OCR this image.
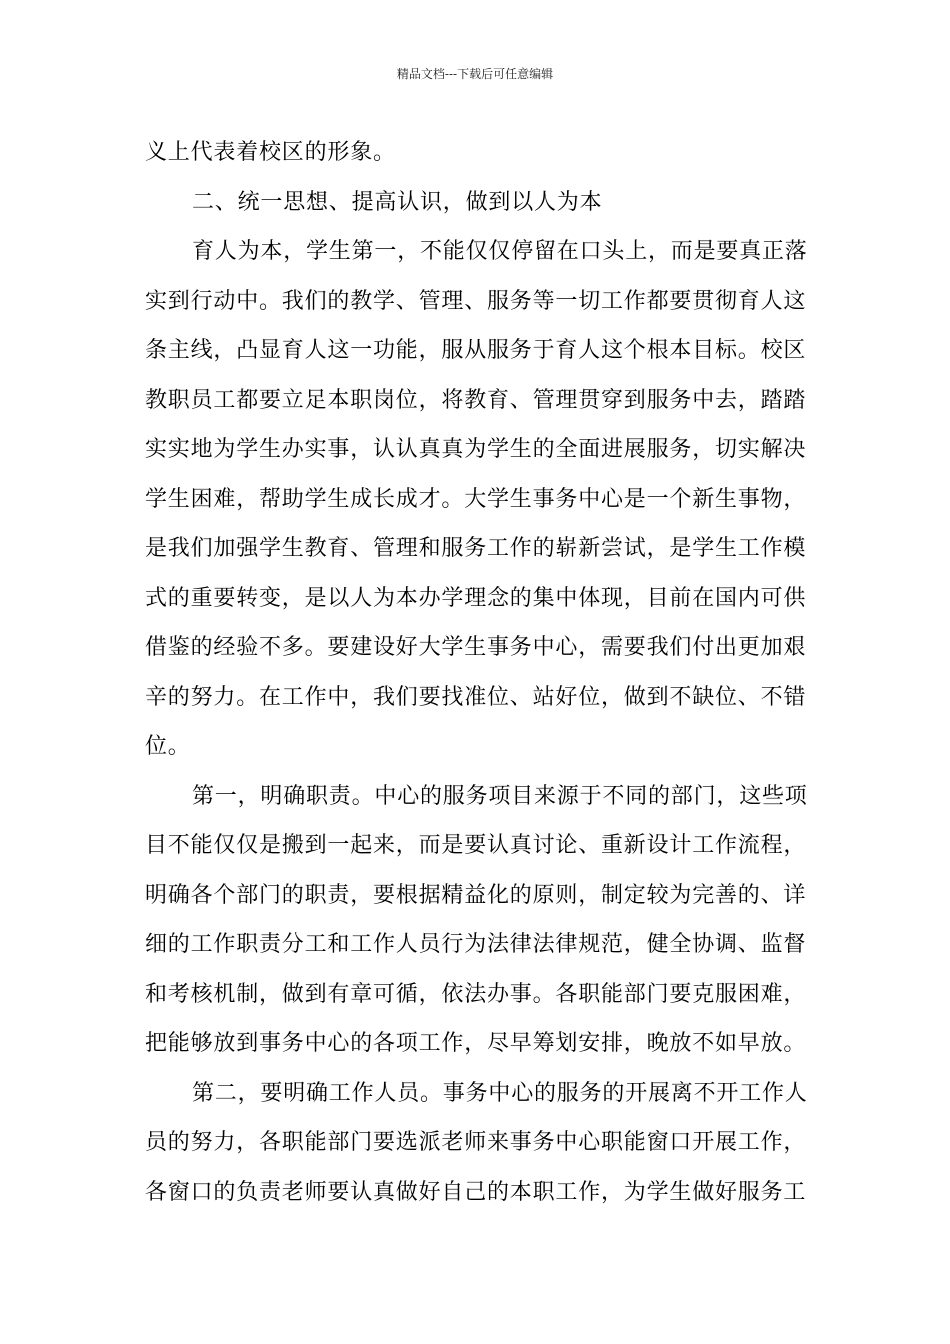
精品文档---下载后可任意编辑
义上代表着校区的形象。
二、统一思想、提高认识，做到以人为本
育人为本，学生第一，不能仅仅停留在口头上，而是要真正落
实到行动中。我们的教学、管理、服务等一切工作都要贯彻育人这
条主线，凸显育人这一功能，服从服务于育人这个根本目标。校区
教职员工都要立足本职岗位，将教育、管理贯穿到服务中去，踏踏
实实地为学生办实事，认认真真为学生的全面进展服务，切实解决
学生困难，帮助学生成长成才。大学生事务中心是一个新生事物，
是我们加强学生教育、管理和服务工作的崭新尝试，是学生工作模
式的重要转变，是以人为本办学理念的集中体现，目前在国内可供
借鉴的经验不多。要建设好大学生事务中心，需要我们付出更加艰
辛的努力。在工作中，我们要找准位、站好位，做到不缺位、不错
位。
第一，明确职责。中心的服务项目来源于不同的部门，这些项
目不能仅仅是搬到一起来，而是要认真讨论、重新设计工作流程，
明确各个部门的职责，要根据精益化的原则，制定较为完善的、详
细的工作职责分工和工作人员行为法律法律规范，健全协调、监督
和考核机制，做到有章可循，依法办事。各职能部门要克服困难，
把能够放到事务中心的各项工作，尽早筹划安排，晚放不如早放。
第二，要明确工作人员。事务中心的服务的开展离不开工作人
员的努力，各职能部门要选派老师来事务中心职能窗口开展工作，
各窗口的负责老师要认真做好自己的本职工作，为学生做好服务工
